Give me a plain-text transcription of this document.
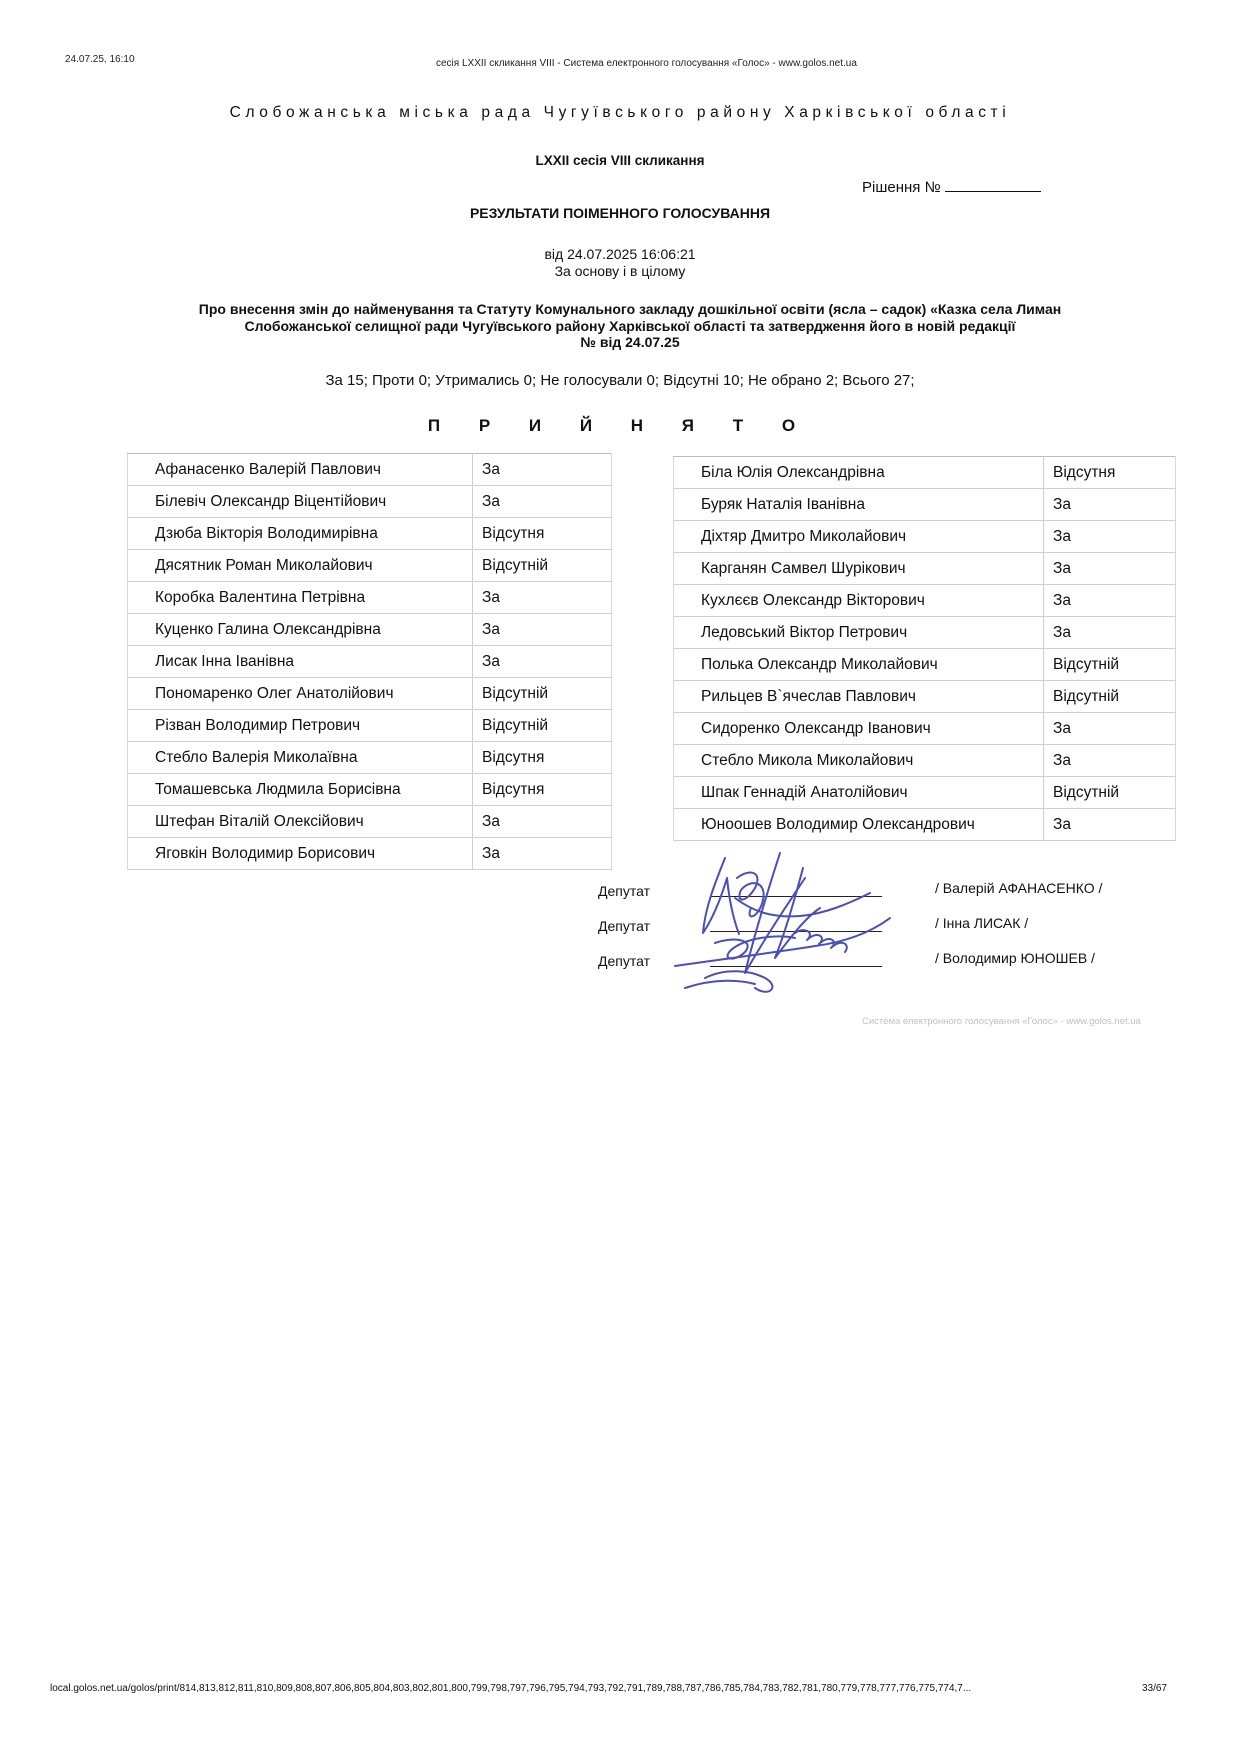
24.07.25, 16:10	сесія LXXII скликання VIII - Система електронного голосування «Голос» - www.golos.net.ua
Слобожанська міська рада Чугуївського району Харківської області
LXXII сесія VIII скликання
Рішення №
РЕЗУЛЬТАТИ ПОІМЕННОГО ГОЛОСУВАННЯ
від 24.07.2025 16:06:21
За основу і в цілому
Про внесення змін до найменування та Статуту Комунального закладу дошкільної освіти (ясла – садок) «Казка села Лиман
Слобожанської селищної ради Чугуївського району Харківської області та затвердження його в новій редакції
№ від 24.07.25
За 15; Проти 0; Утримались 0; Не голосували 0; Відсутні 10; Не обрано 2; Всього 27;
П Р И Й Н Я Т О
Афанасенко Валерій Павлович	За
Білевіч Олександр Віцентійович	За
Дзюба Вікторія Володимирівна	Відсутня
Дясятник Роман Миколайович	Відсутній
Коробка Валентина Петрівна	За
Куценко Галина Олександрівна	За
Лисак Інна Іванівна	За
Пономаренко Олег Анатолійович	Відсутній
Різван Володимир Петрович	Відсутній
Стебло Валерія Миколаївна	Відсутня
Томашевська Людмила Борисівна	Відсутня
Штефан Віталій Олексійович	За
Яговкін Володимир Борисович	За
Біла Юлія Олександрівна	Відсутня
Буряк Наталія Іванівна	За
Діхтяр Дмитро Миколайович	За
Карганян Самвел Шурікович	За
Кухлєєв Олександр Вікторович	За
Ледовський Віктор Петрович	За
Полька Олександр Миколайович	Відсутній
Рильцев В`ячеслав Павлович	Відсутній
Сидоренко Олександр Іванович	За
Стебло Микола Миколайович	За
Шпак Геннадій Анатолійович	Відсутній
Юноошев Володимир Олександрович	За
Депутат
Депутат
Депутат
/ Валерій АФАНАСЕНКО /
/ Інна ЛИСАК /
/ Володимир ЮНОШЕВ /
Система електронного голосування «Голос» - www.golos.net.ua
local.golos.net.ua/golos/print/814,813,812,811,810,809,808,807,806,805,804,803,802,801,800,799,798,797,796,795,794,793,792,791,789,788,787,786,785,784,783,782,781,780,779,778,777,776,775,774,7...	33/67
